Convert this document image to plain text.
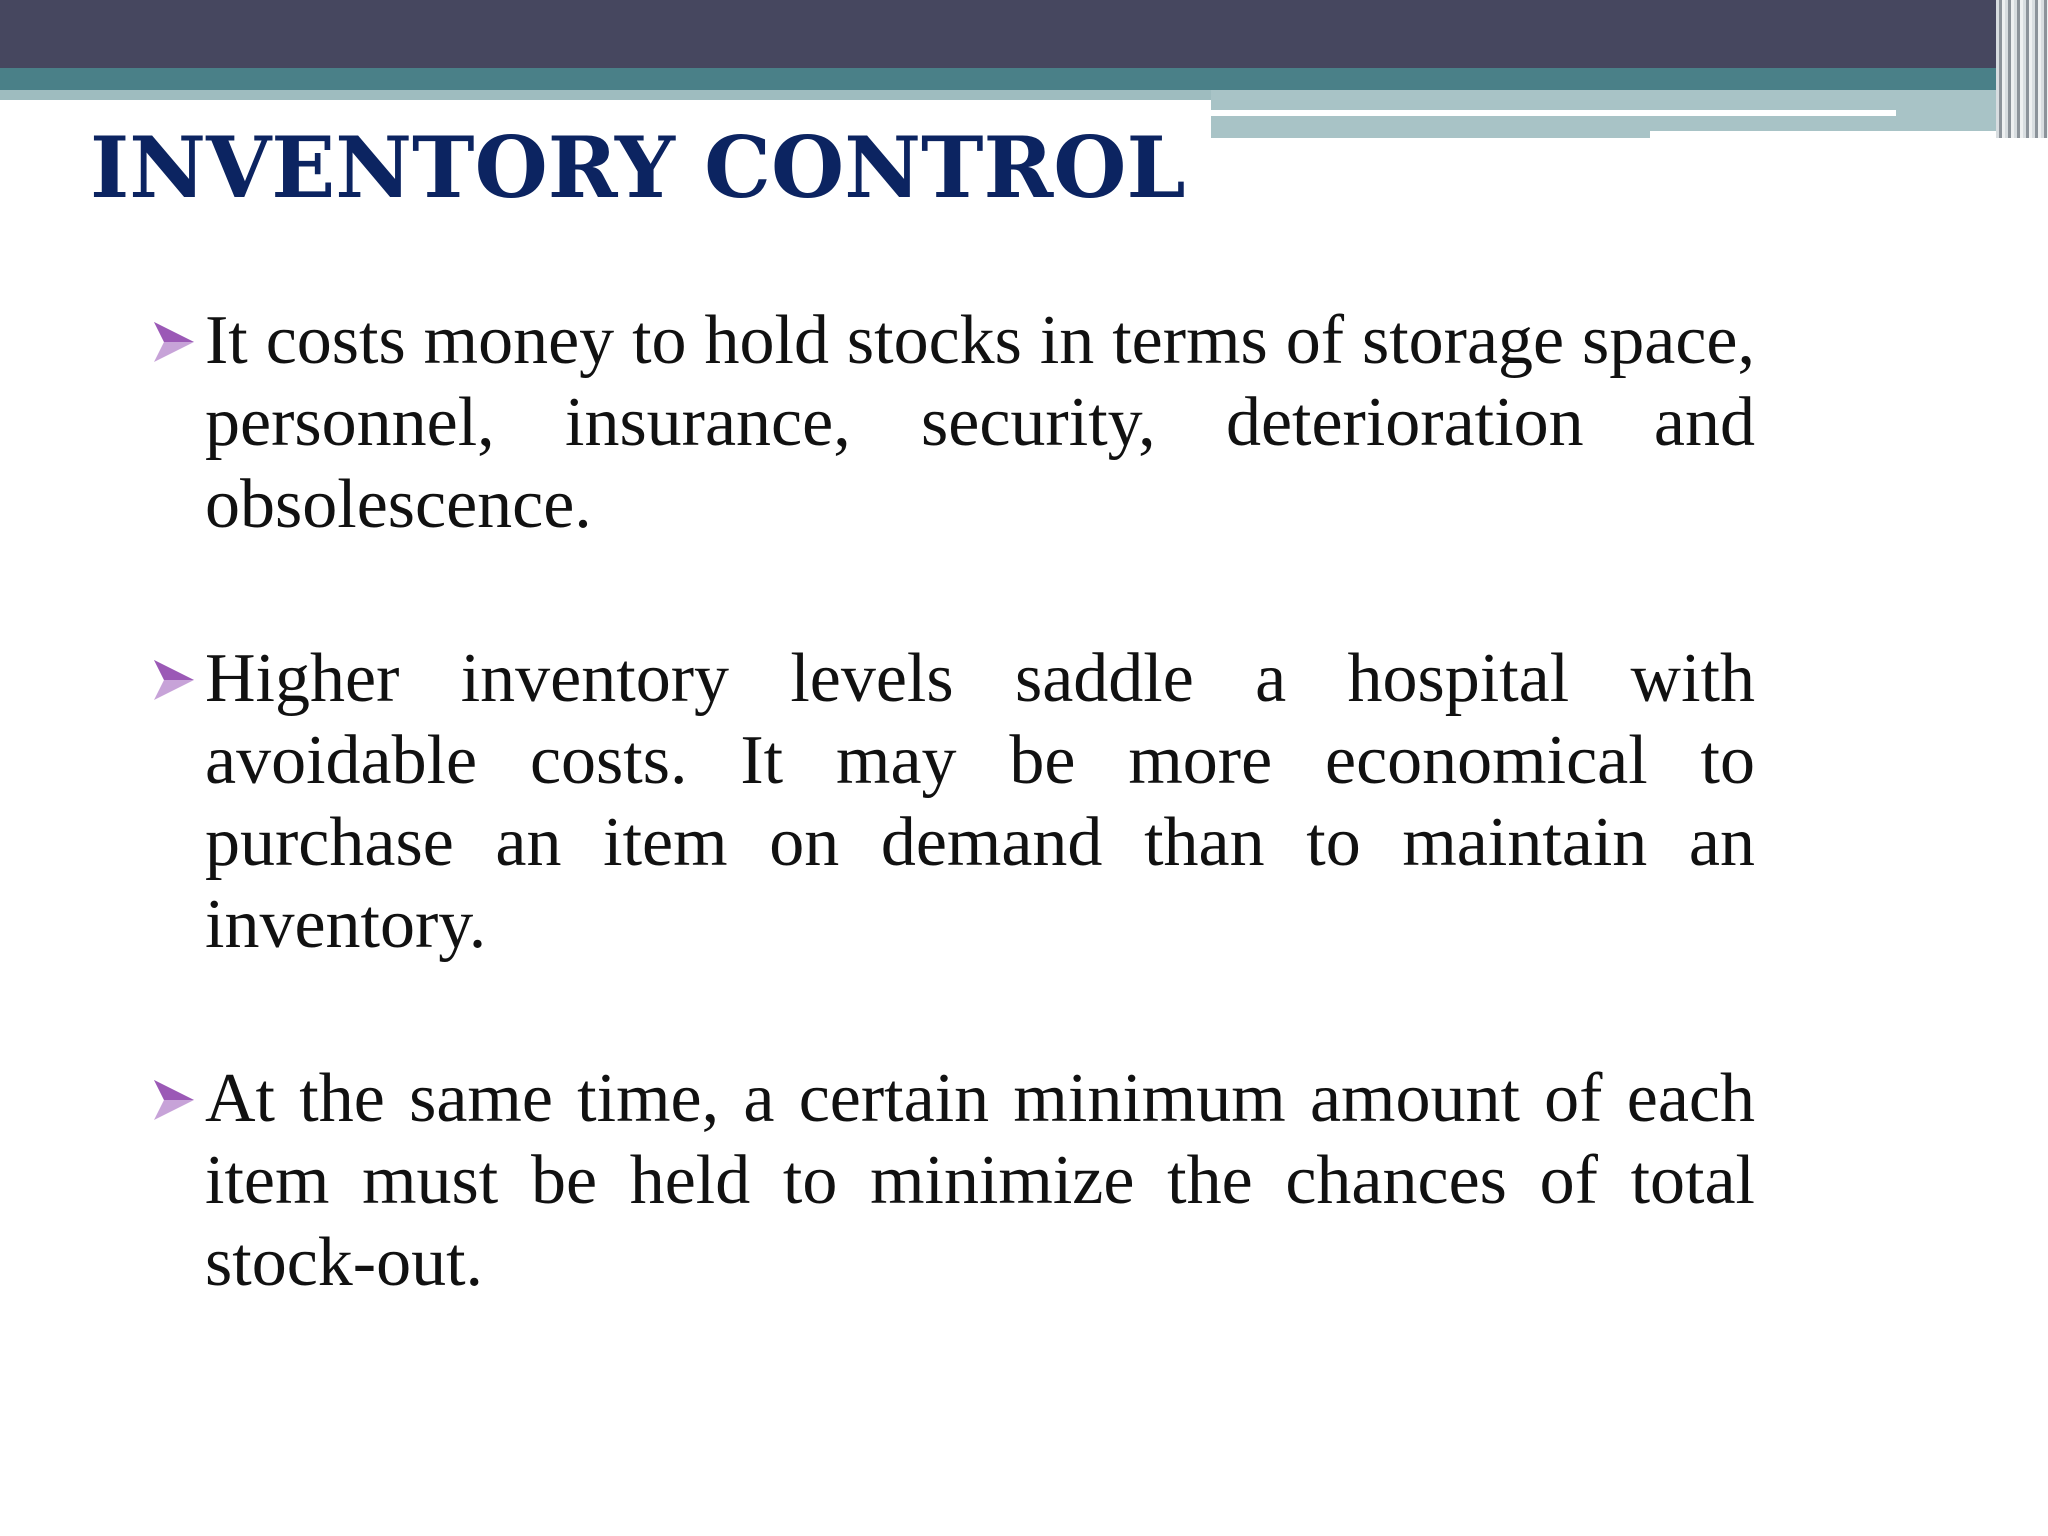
INVENTORY CONTROL

It costs money to hold stocks in terms of storage space, personnel, insurance, security, deterioration and obsolescence.

Higher inventory levels saddle a hospital with avoidable costs. It may be more economical to purchase an item on demand than to maintain an inventory.

At the same time, a certain minimum amount of each item must be held to minimize the chances of total stock-out.
